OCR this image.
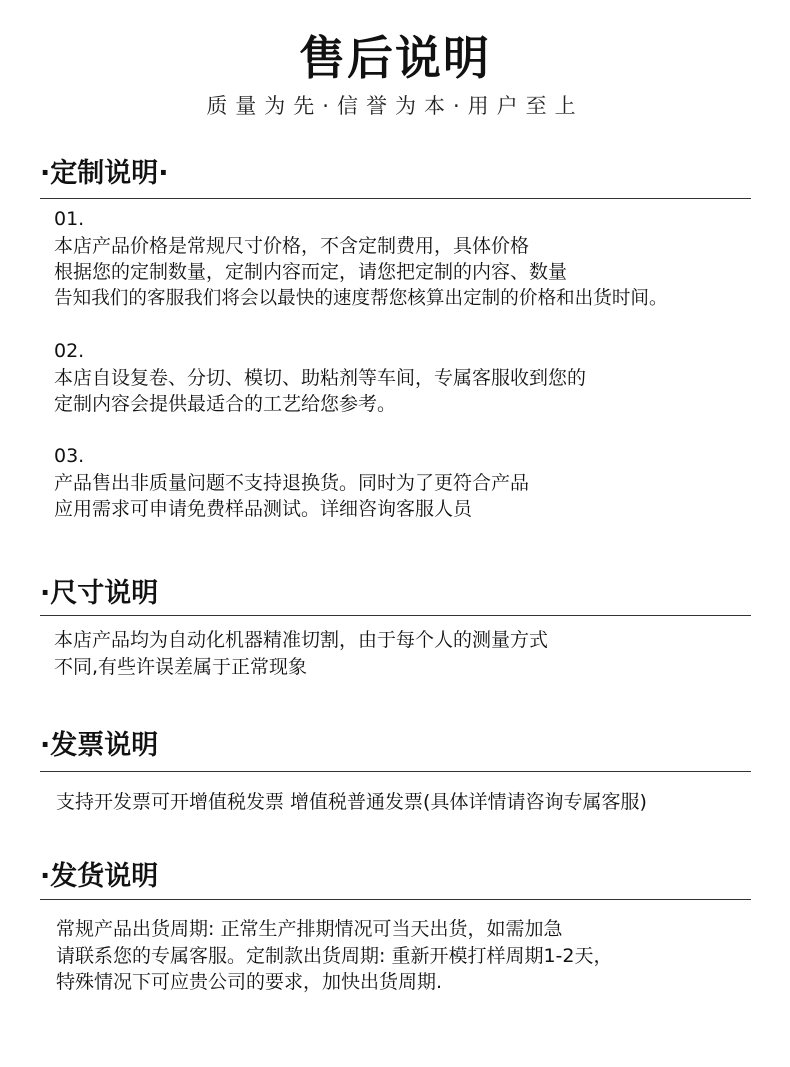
售后说明
质量为先·信誉为本·用户至上
·定制说明·
01.
本店产品价格是常规尺寸价格，不含定制费用，具体价格
根据您的定制数量，定制内容而定，请您把定制的内容、数量
告知我们的客服我们将会以最快的速度帮您核算出定制的价格和出货时间。
02.
本店自设复卷、分切、模切、助粘剂等车间，专属客服收到您的
定制内容会提供最适合的工艺给您参考。
03.
产品售出非质量问题不支持退换货。同时为了更符合产品
应用需求可申请免费样品测试。详细咨询客服人员
·尺寸说明
本店产品均为自动化机器精准切割，由于每个人的测量方式
不同,有些许误差属于正常现象
·发票说明
支持开发票可开增值税发票 增值税普通发票(具体详情请咨询专属客服)
·发货说明
常规产品出货周期: 正常生产排期情况可当天出货，如需加急
请联系您的专属客服。定制款出货周期: 重新开模打样周期1-2天，
特殊情况下可应贵公司的要求，加快出货周期.
